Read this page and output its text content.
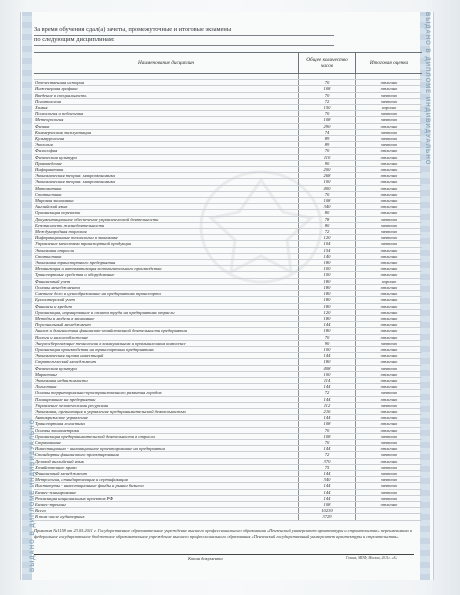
ВЫДАНО В ДИПЛОМЕ ИНДИВИДУАЛЬНО
ВЫДАНО В ДИПЛОМЕ ИНДИВИДУАЛЬНО
За время обучения сдал(а) зачеты, промежуточные и итоговые экзамены
по следующим дисциплинам:
Наименование дисциплин	Общее количество часов	Итоговая оценка

Отечественная история	70	отлично
Инженерная графика	108	отлично
Введение в специальность	70	зачтено
Политология	72	зачтено
Химия	150	хорошо
Психология и педагогика	70	зачтено
Метеорология	108	зачтено
Физика	290	отлично
Коммерческая эксплуатация	74	зачтено
Культурология	89	зачтено
Экология	89	зачтено
Философия	70	отлично
Физическая культура	110	отлично
Правоведение	90	отлично
Информатика	200	отлично
Экономическая теория: макроэкономика	268	отлично
Экономическая теория: микроэкономика	100	отлично
Математика	400	отлично
Статистика	70	отлично
Мировая экономика	108	отлично
Английский язык	340	отлично
Организация перевозок	80	отлично
Документационное обеспечение управленческой деятельности	78	зачтено
Безопасность жизнедеятельности	80	зачтено
Международная торговля	72	зачтено
Информационные технологии в экономике	120	зачтено
Управление качеством транспортной продукции	104	зачтено
Экономика отрасли	154	отлично
Статистика	140	отлично
Экономика транспортного предприятия	180	отлично
Механизация и автоматизация вспомогательного производства	100	отлично
Транспортные средства и оборудование	100	отлично
Финансовый учет	180	хорошо
Основы менеджмента	180	отлично
Сметное дело и ценообразование на предприятиях транспорта	180	отлично
Бухгалтерский учет	180	отлично
Финансы и кредит	180	отлично
Организация, нормирование и оплата труда на предприятиях отрасли	120	отлично
Методы и модели в экономике	180	отлично
Персональный менеджмент	144	отлично
Анализ и диагностика финансово-хозяйственной деятельности предприятия	180	отлично
Налоги и налогообложение	70	отлично
Энергосберегающие технологии в коммунальном и промышленном комплексе	90	зачтено
Организация производства на транспортных предприятиях	100	отлично
Экономическая оценка инвестиций	144	отлично
Стратегический менеджмент	180	отлично
Физическая культура	408	зачтено
Маркетинг	100	отлично
Экономика недвижимости	114	отлично
Логистика	144	отлично
Основы территориально-пространственного развития городов	72	зачтено
Планирование на предприятии	144	отлично
Управление человеческими ресурсами	112	зачтено
Экономика, организация и управление предпринимательской деятельностью	216	отлично
Антикризисное управление	144	отлично
Транспортная логистика	108	отлично
Основы эконометрики	70	отлично
Организация предпринимательской деятельности в отрасли	108	зачтено
Страхование	70	зачтено
Инвестиционно - инновационное проектирование на предприятии	144	отлично
Стандарты финансового проектирования	72	зачтено
Деловой английский язык	370	отлично
Хозяйственное право	75	зачтено
Финансовый менеджмент	144	зачтено
Метрология, стандартизация и сертификация	340	зачтено
Институты - инвестиционные фонды и рынки бизнеса	144	зачтено
Бизнес-планирование	144	зачтено
Реализация национальных проектов РФ	144	зачтено
Бизнес-тренинг	108	отлично
Всего	10230	
В том числе аудиторных	3729	
Приказом №1158 от 23.05.2011 г. Государственное образовательное учреждение высшего профессионального образования «Пензенский университет архитектуры и строительства» переименовано в федеральное государственное бюджетное образовательное учреждение высшего профессионального образования «Пензенский государственный университет архитектуры и строительства».
Копия документа	Гознак, МПФ, Москва, 2011г. «Б»
